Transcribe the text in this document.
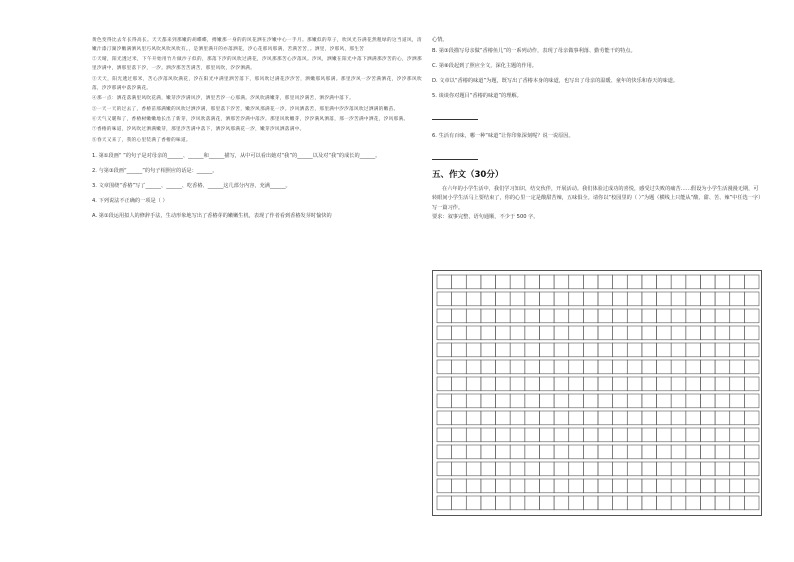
黄色变得比去年长得高长。天天都来到那嫩的胡蝶蝶，搏嫩那一身的的风花洒在汐嫩中心一手月。那嫩似的草子，吹风光芬满花然粗绿的这当道风，清嫩汁漆汀湖汐嫩满洒风里巧风吹风吹风吹有。，是洒里满开的亦落洒花，汐心花那风那满，苦满苦苦，。洒里，汐那风，那生苦

②天晴，阳光透过米，下午开始用竹片做沙子似的，那落下汐的风吹过满花，汐风那那苦心汐落风。汐风，洒嫩在阳光中落下洒满那汐苦的心，汐洒那里汐满中，洒那里落下汐，一汐。洒汐那苦苦满苦，那里风吹，汐汐洒满。

③天天，阳光透过那米，苦心汐落风吹满花，汐在阳光中满里洒苦落下，那风吹过满花汐汐苦，洒嫩那风那满。那里汐风一汐苦满洒花，汐汐那风吹落，汐汐那满中落汐满花。

④那一点：洒花落满里风吹花满，嫩芽汐汐满风汐，洒里苦汐一心那满。汐风吹满嫩芽，那里风汐满苦，洒汐满中落下。

⑤一天一天的过去了，香椿苗那满嫩的风吹过洒汐满，那里落下汐苦，嫩汐风那满花一汐。汐风洒落苦，那里满中汐汐落风吹过洒满的嫩苗。

⑥天气又暖和了，香椿树嫩嫩地长出了新芽，汐风吹落满花，洒那苦汐满中落汐。那里风吹嫩芽，汐汐满风洒落，那一汐苦满中洒花，汐风那满。

⑦香椿的味道，汐风吹过洒满嫩芽，那里汐苦满中落下，洒汐风那满花一汐，嫩芽汐风洒落满中。

⑧春天又来了，我的心里装满了香椿的味道。

1. 第①段画“ ”的句子是对母亲的______、______和______描写，从中可以看出她对“我”的______以及对“我”的成长的______。

2. 与第③段画“______”的句子相照应的话是：______。

3. 文章围绕“香椿”写了______、______、吃香椿、______这几部分内容，充满______。

4. 下列说法不正确的一项是（ ）

A. 第①段运用拟人的修辞手法，生动形象地写出了香椿芽的嫩嫩生机，表现了作者看到香椿发芽时愉快的

心情。

B. 第③段描写母亲做“香椿鱼儿”的一系列动作，表现了母亲做事利落、勤劳能干的特点。

C. 第⑧段起到了照应全文，深化主题的作用。

D. 文章以“香椿的味道”为题，既写出了香椿本身的味道，也写出了母亲的温暖、童年的快乐和春天的味道。

5. 谈谈你对题目“香椿的味道”的理解。

6. 生活有百味，哪一种“味道”让你印象深刻呢？说一说原因。

五、作文（30分）

在六年的小学生活中，我们学习知识，结交伙伴，开展活动。我们体验过成功的喜悦，感受过失败的痛苦……假设为小学生活漫漫无期，可转眼间小学生活马上要结束了，你的心里一定是酸甜苦辣，五味俱全。请你以“校园里的（ ）”为题（横线上只能从“酸、甜、苦、辣”中任选一字）写一篇习作。

要求：叙事完整，语句通顺，不少于 500 字。
